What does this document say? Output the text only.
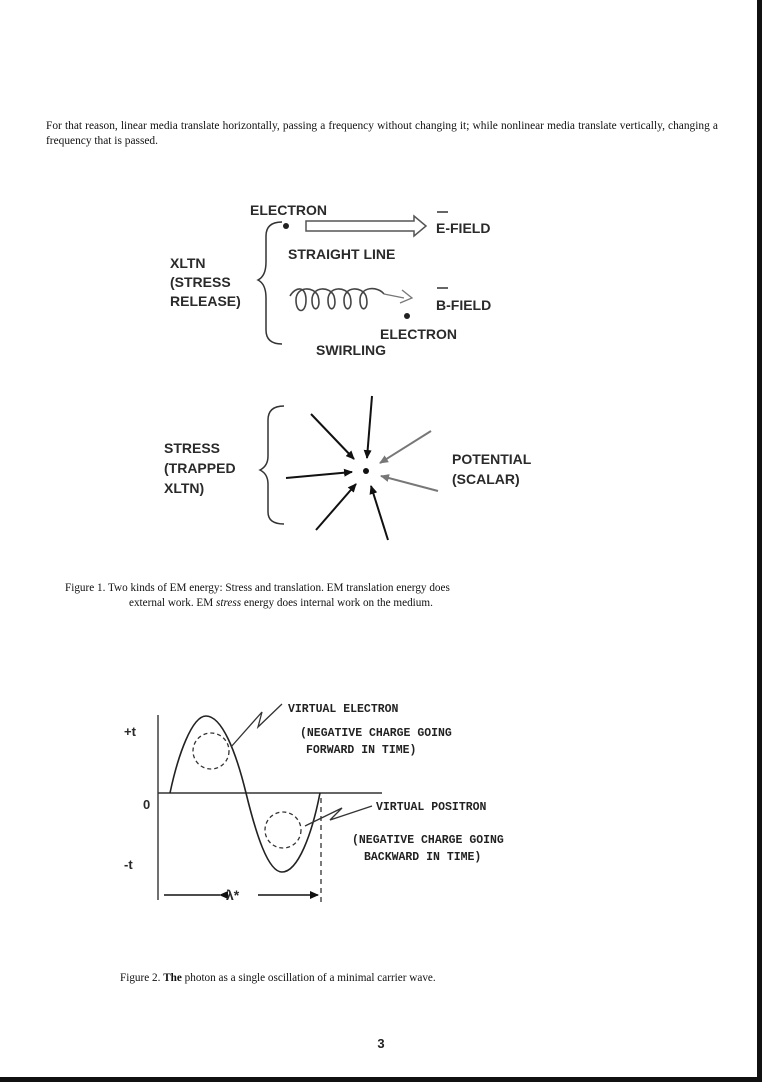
For that reason, linear media translate horizontally, passing a frequency without changing it; while nonlinear media translate vertically, changing a frequency that is passed.

ELECTRON
E-FIELD
STRAIGHT LINE
XLTN
(STRESS
RELEASE)	B-FIELD
ELECTRON
SWIRLING
STRESS
(TRAPPED
XLTN)
POTENTIAL
(SCALAR)
+t
0
-t
VIRTUAL ELECTRON
(NEGATIVE CHARGE GOING
FORWARD IN TIME)
VIRTUAL POSITRON
(NEGATIVE CHARGE GOING
BACKWARD IN TIME)
λ*
Figure 1. Two kinds of EM energy: Stress and translation. EM translation energy does
external work. EM stress energy does internal work on the medium.
Figure 2. The photon as a single oscillation of a minimal carrier wave.
3
